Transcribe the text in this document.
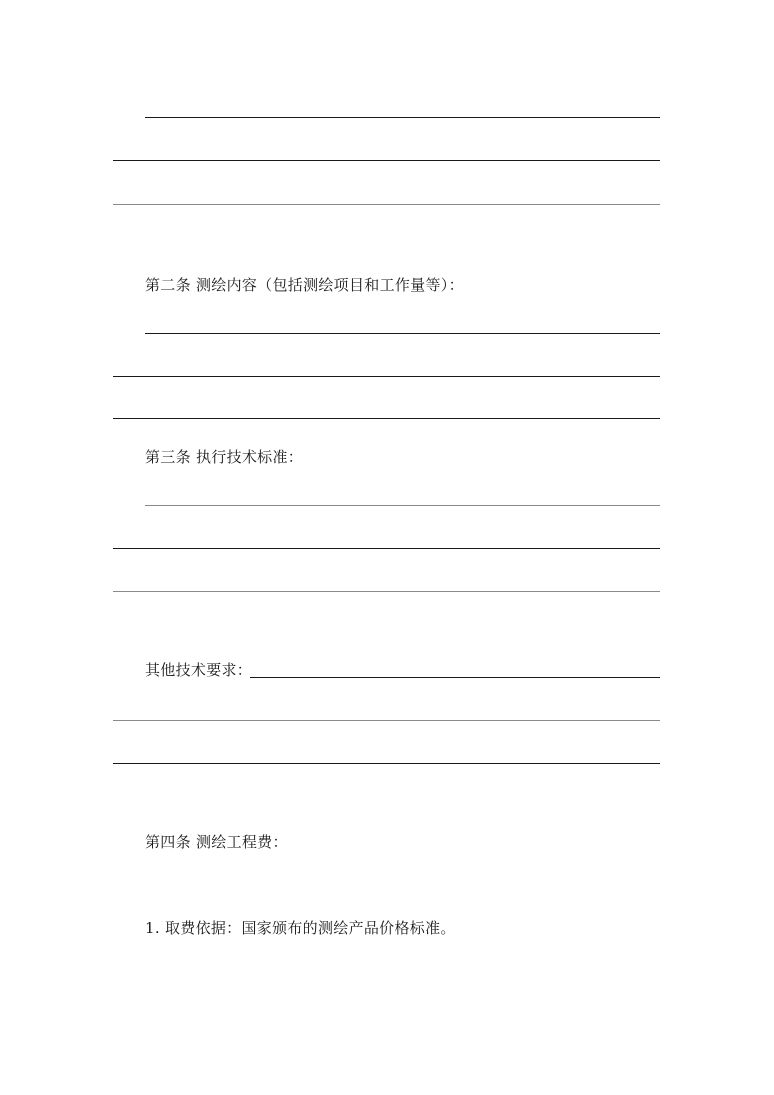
第二条 测绘内容（包括测绘项目和工作量等）：
第三条 执行技术标准：
其他技术要求：
第四条 测绘工程费：
1. 取费依据：国家颁布的测绘产品价格标准。
